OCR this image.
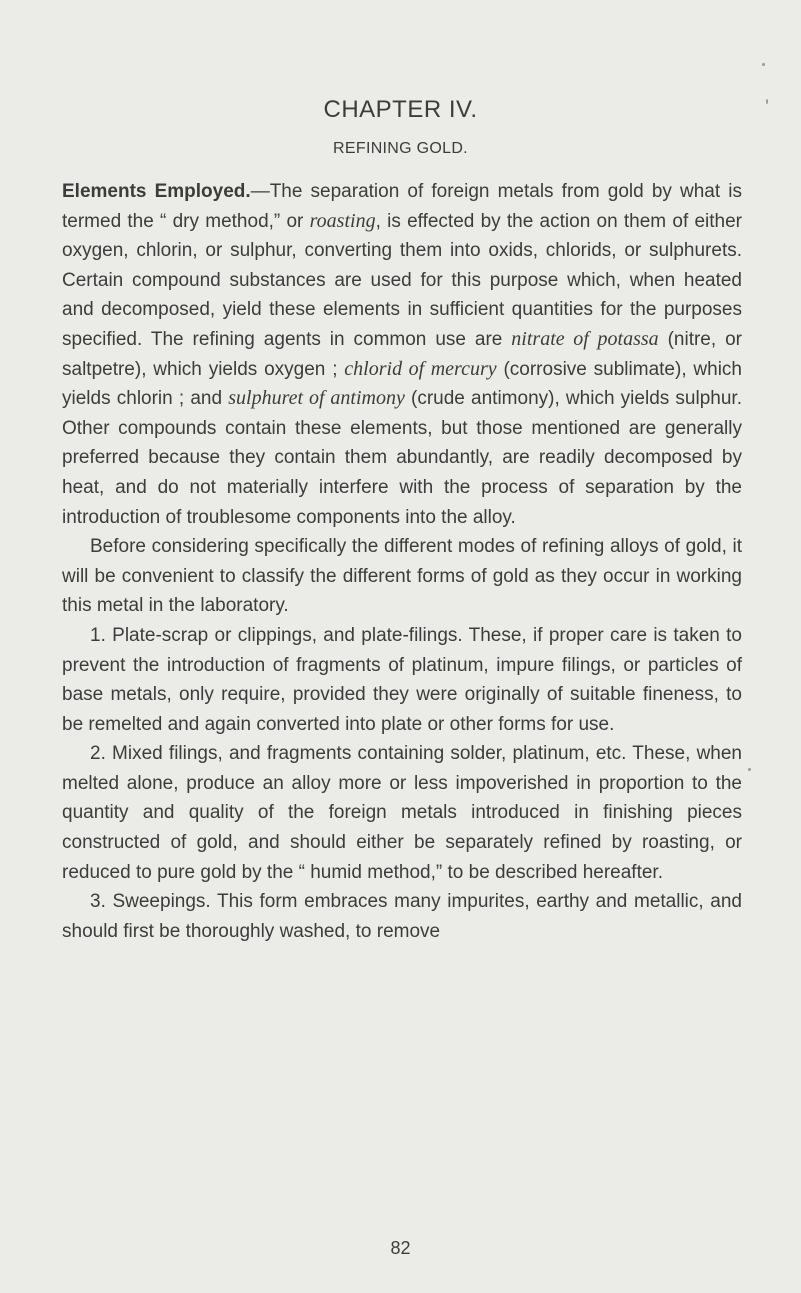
CHAPTER IV.
REFINING GOLD.

Elements Employed.—The separation of foreign metals from gold by what is termed the “ dry method,” or roasting, is effected by the action on them of either oxygen, chlorin, or sulphur, converting them into oxids, chlorids, or sulphurets. Certain compound substances are used for this purpose which, when heated and decomposed, yield these elements in sufficient quantities for the purposes specified. The refining agents in common use are nitrate of potassa (nitre, or saltpetre), which yields oxygen ; chlorid of mercury (corrosive sublimate), which yields chlorin ; and sulphuret of antimony (crude antimony), which yields sulphur. Other compounds contain these elements, but those mentioned are generally preferred because they contain them abundantly, are readily decomposed by heat, and do not materially interfere with the process of separation by the introduction of troublesome components into the alloy.

Before considering specifically the different modes of refining alloys of gold, it will be convenient to classify the different forms of gold as they occur in working this metal in the laboratory.

1. Plate-scrap or clippings, and plate-filings. These, if proper care is taken to prevent the introduction of fragments of platinum, impure filings, or particles of base metals, only require, provided they were originally of suitable fineness, to be remelted and again converted into plate or other forms for use.

2. Mixed filings, and fragments containing solder, platinum, etc. These, when melted alone, produce an alloy more or less impoverished in proportion to the quantity and quality of the foreign metals introduced in finishing pieces constructed of gold, and should either be separately refined by roasting, or reduced to pure gold by the “ humid method,” to be described hereafter.

3. Sweepings. This form embraces many impurites, earthy and metallic, and should first be thoroughly washed, to remove

82
